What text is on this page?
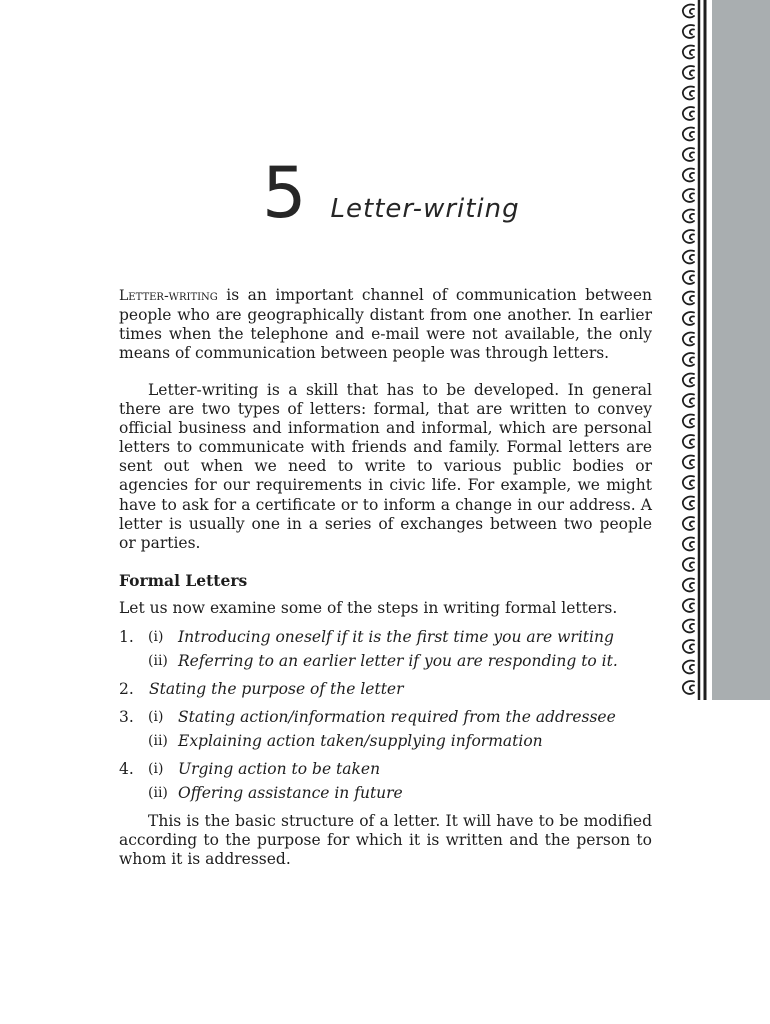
5 Letter-writing

Letter-writing is an important channel of communication between people who are geographically distant from one another. In earlier times when the telephone and e-mail were not available, the only means of communication between people was through letters.

Letter-writing is a skill that has to be developed. In general there are two types of letters: formal, that are written to convey official business and information and informal, which are personal letters to communicate with friends and family. Formal letters are sent out when we need to write to various public bodies or agencies for our requirements in civic life. For example, we might have to ask for a certificate or to inform a change in our address. A letter is usually one in a series of exchanges between two people or parties.

Formal Letters
Let us now examine some of the steps in writing formal letters.
1. (i) Introducing oneself if it is the first time you are writing
(ii) Referring to an earlier letter if you are responding to it.
2. Stating the purpose of the letter
3. (i) Stating action/information required from the addressee
(ii) Explaining action taken/supplying information
4. (i) Urging action to be taken
(ii) Offering assistance in future

This is the basic structure of a letter. It will have to be modified according to the purpose for which it is written and the person to whom it is addressed.
